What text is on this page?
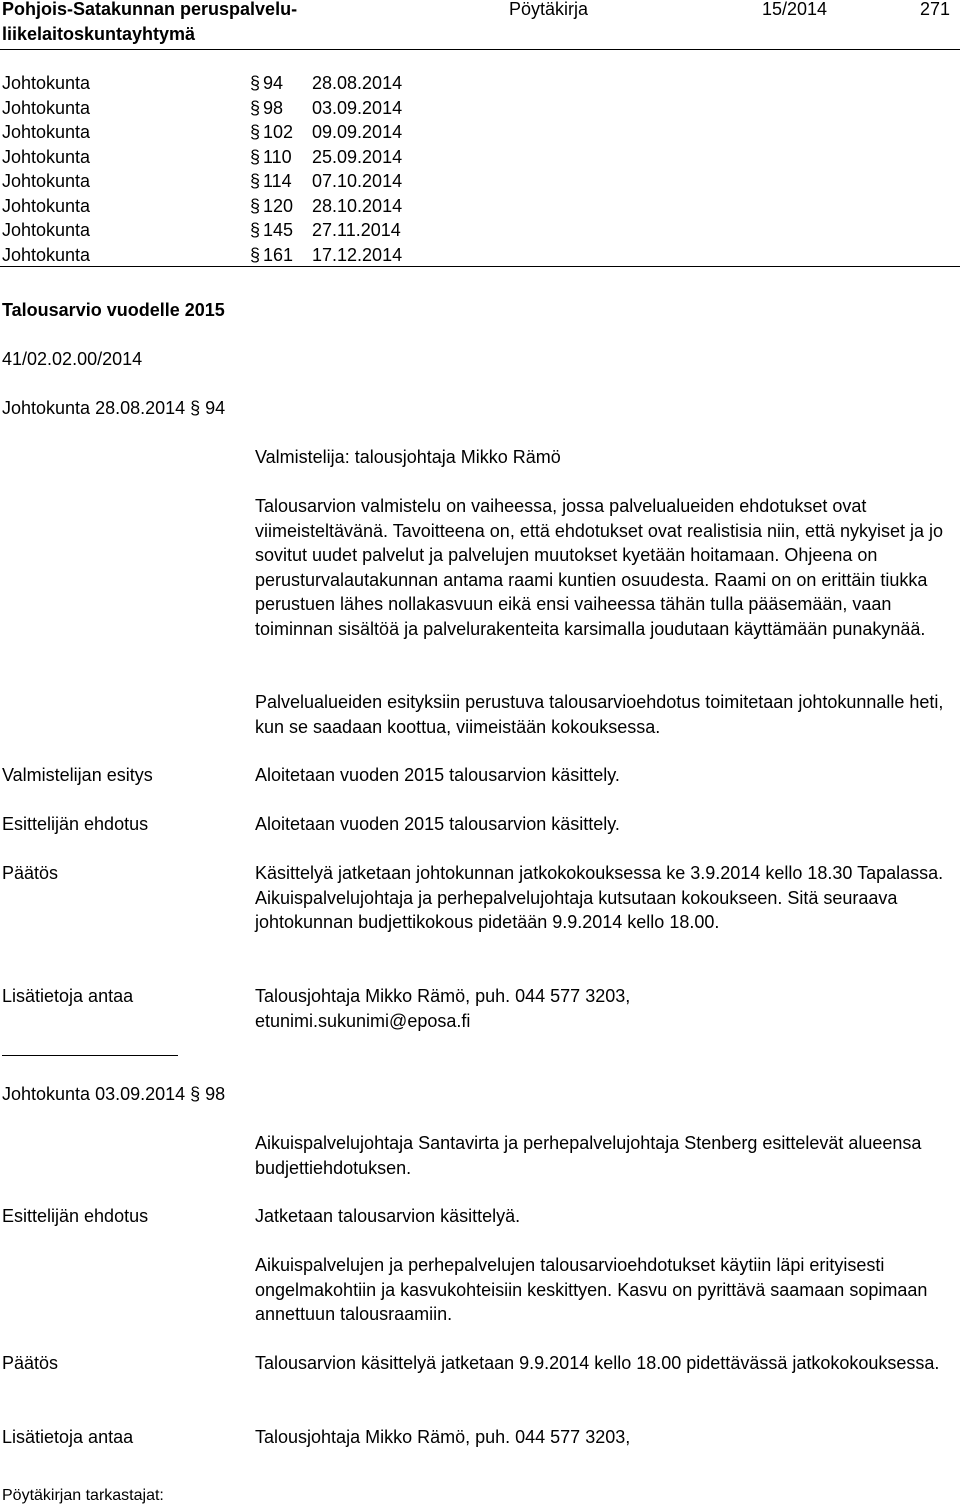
Pohjois-Satakunnan peruspalvelu-
liikelaitoskuntayhtymä
Pöytäkirja	15/2014	271
Johtokunta	§ 94 28.08.2014
Johtokunta	§ 98 03.09.2014
Johtokunta	§ 102 09.09.2014
Johtokunta	§ 110 25.09.2014
Johtokunta	§ 114 07.10.2014
Johtokunta	§ 120 28.10.2014
Johtokunta	§ 145 27.11.2014
Johtokunta	§ 161 17.12.2014
Talousarvio vuodelle 2015
41/02.02.00/2014
Johtokunta 28.08.2014 § 94
Valmistelija: talousjohtaja Mikko Rämö
Talousarvion valmistelu on vaiheessa, jossa palvelualueiden ehdotukset ovat viimeisteltävänä. Tavoitteena on, että ehdotukset ovat realistisia niin, että nykyiset ja jo sovitut uudet palvelut ja palvelujen muutokset kyetään hoitamaan. Ohjeena on perusturvalautakunnan antama raami kuntien osuudesta. Raami on on erittäin tiukka perustuen lähes nollakasvuun eikä ensi vaiheessa tähän tulla pääsemään, vaan toiminnan sisältöä ja palvelurakenteita karsimalla joudutaan käyttämään punakynää.
Palvelualueiden esityksiin perustuva talousarvioehdotus toimitetaan johtokunnalle heti, kun se saadaan koottua, viimeistään kokouksessa.
Valmistelijan esitys	Aloitetaan vuoden 2015 talousarvion käsittely.
Esittelijän ehdotus	Aloitetaan vuoden 2015 talousarvion käsittely.
Päätös	Käsittelyä jatketaan johtokunnan jatkokokouksessa ke 3.9.2014 kello 18.30 Tapalassa. Aikuispalvelujohtaja ja perhepalvelujohtaja kutsutaan kokoukseen. Sitä seuraava johtokunnan budjettikokous pidetään 9.9.2014 kello 18.00.
Lisätietoja antaa	Talousjohtaja Mikko Rämö, puh. 044 577 3203,
etunimi.sukunimi@eposa.fi
Johtokunta 03.09.2014 § 98
Aikuispalvelujohtaja Santavirta ja perhepalvelujohtaja Stenberg esittelevät alueensa budjettiehdotuksen.
Esittelijän ehdotus	Jatketaan talousarvion käsittelyä.
Aikuispalvelujen ja perhepalvelujen talousarvioehdotukset käytiin läpi erityisesti ongelmakohtiin ja kasvukohteisiin keskittyen. Kasvu on pyrittävä saamaan sopimaan annettuun talousraamiin.
Päätös	Talousarvion käsittelyä jatketaan 9.9.2014 kello 18.00 pidettävässä jatkokokouksessa.
Lisätietoja antaa	Talousjohtaja Mikko Rämö, puh. 044 577 3203,
Pöytäkirjan tarkastajat:
